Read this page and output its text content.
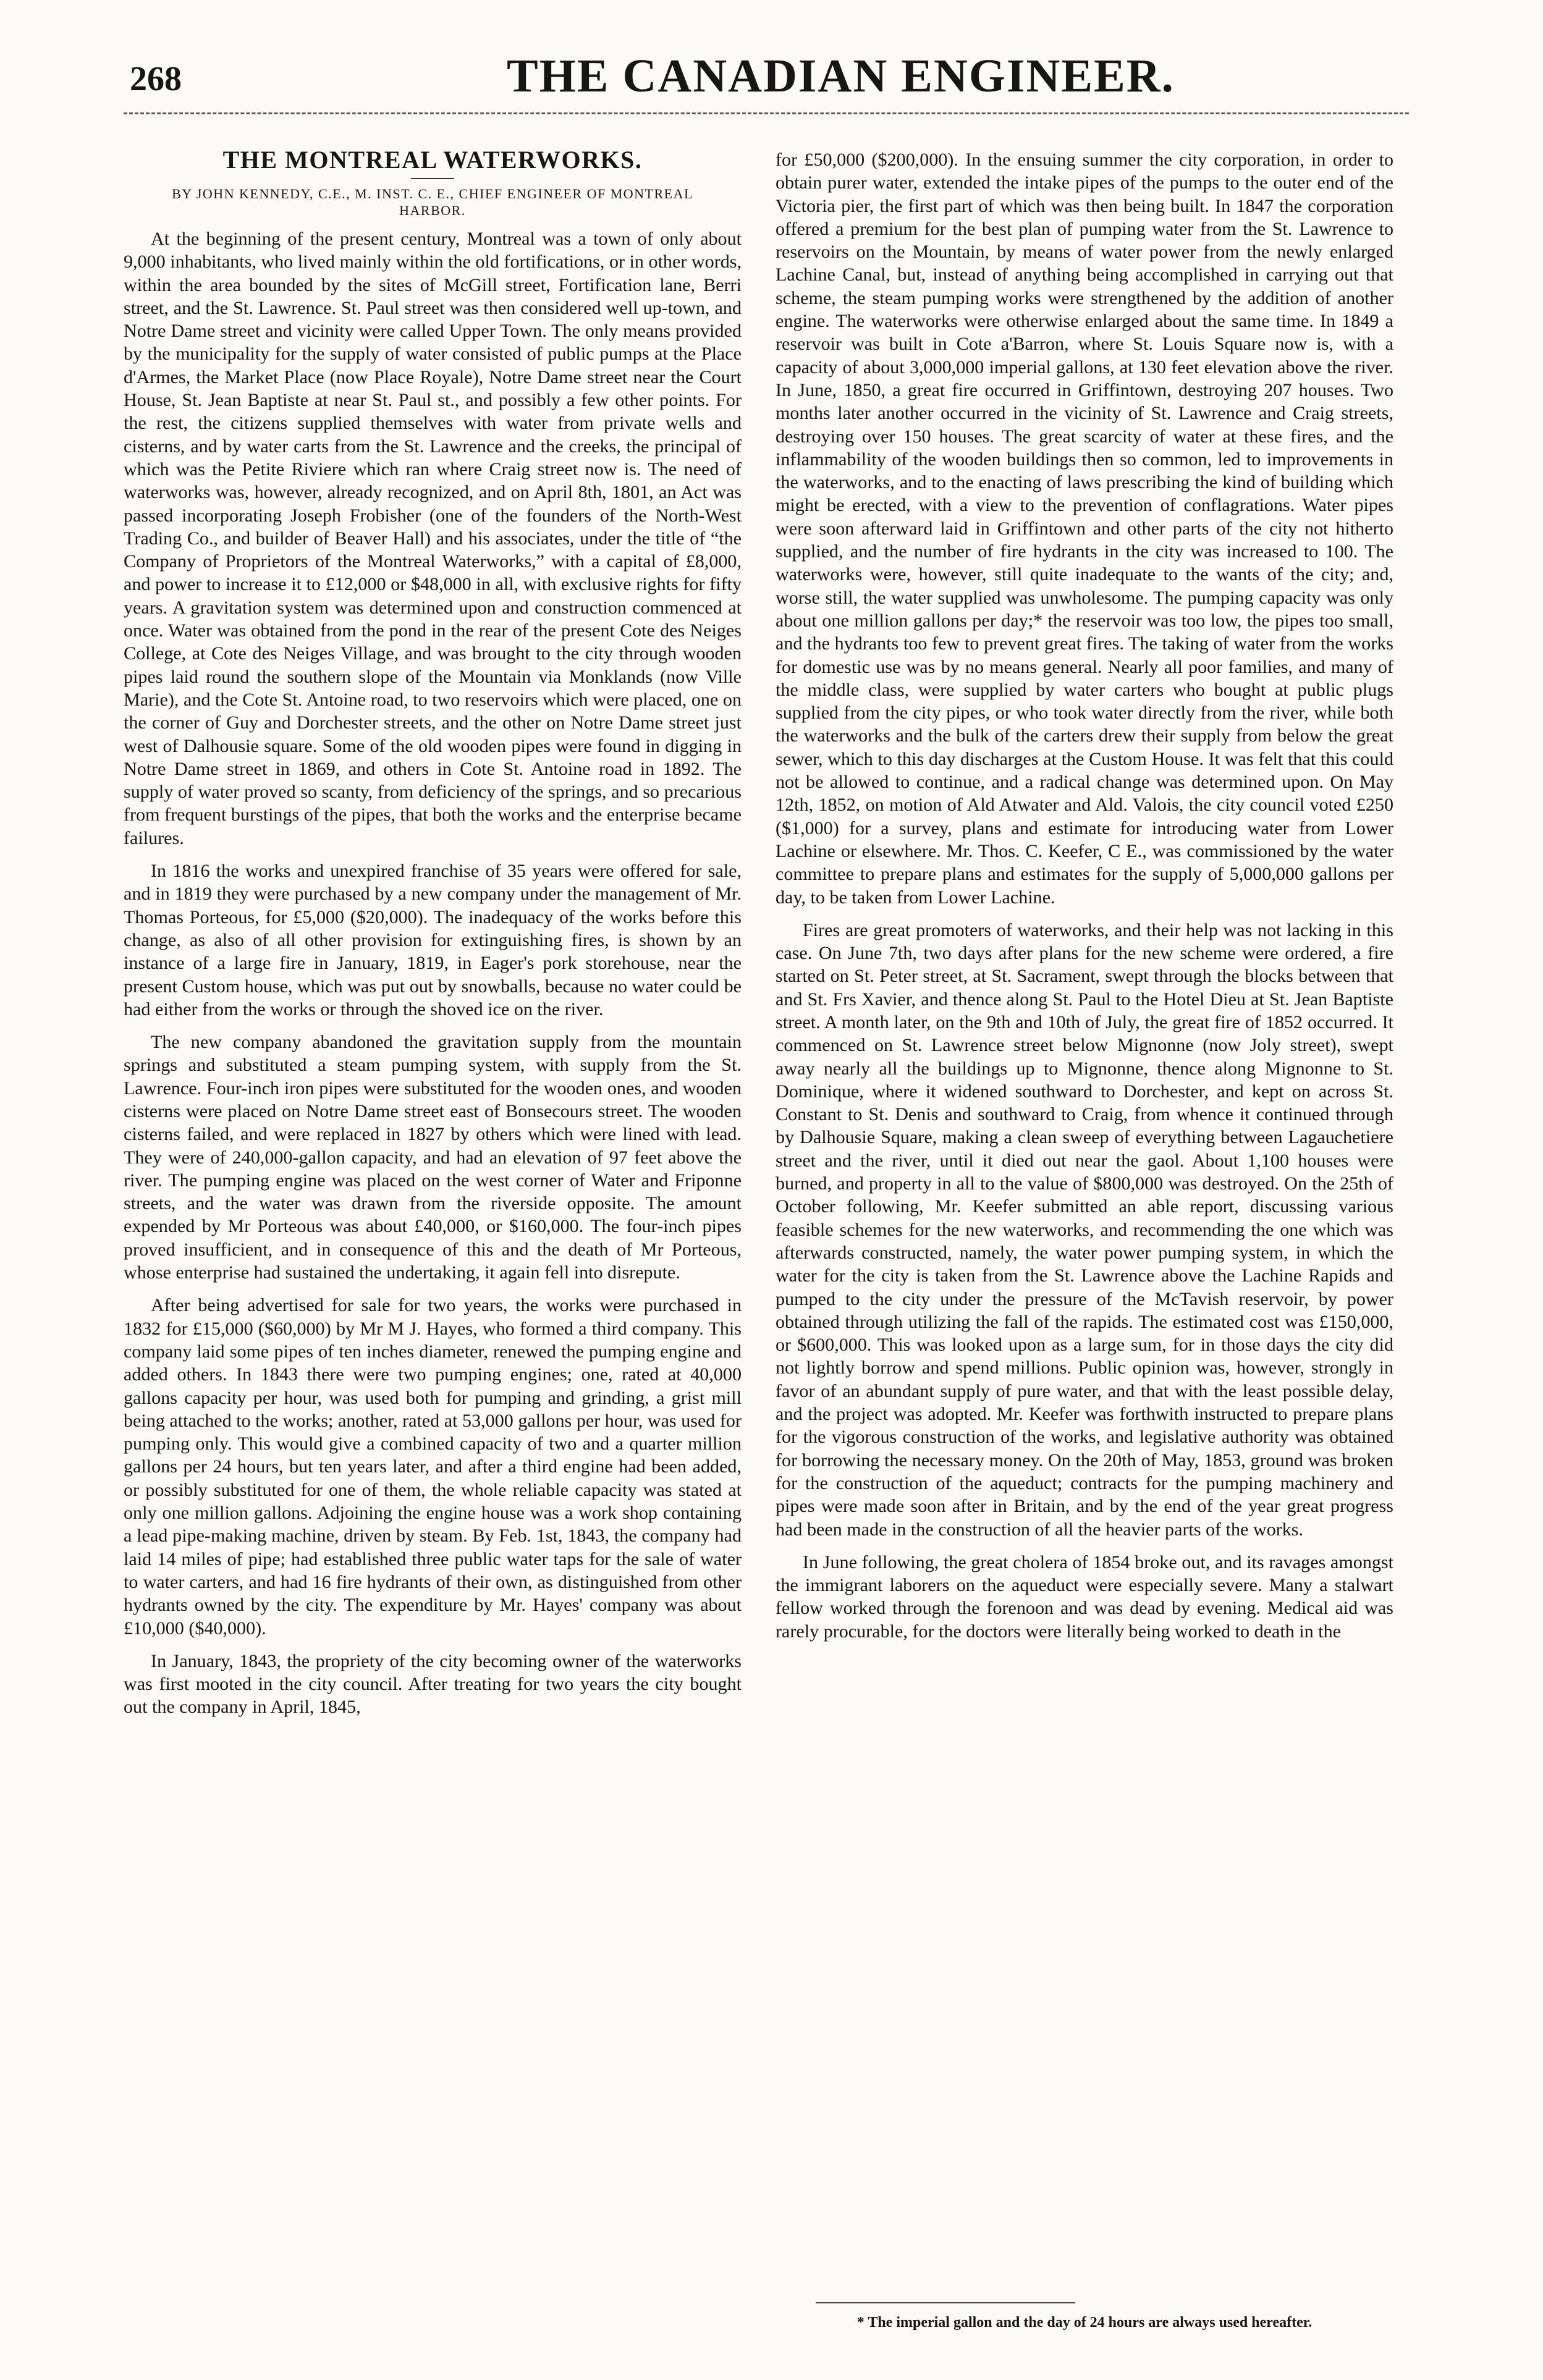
268	THE CANADIAN ENGINEER.
THE MONTREAL WATERWORKS.
BY JOHN KENNEDY, C.E., M. INST. C. E., CHIEF ENGINEER OF MONTREAL HARBOR.

At the beginning of the present century, Montreal was a town of only about 9,000 inhabitants, who lived mainly within the old fortifications, or in other words, within the area bounded by the sites of McGill street, Fortification lane, Berri street, and the St. Lawrence. St. Paul street was then considered well up-town, and Notre Dame street and vicinity were called Upper Town. The only means provided by the municipality for the supply of water consisted of public pumps at the Place d'Armes, the Market Place (now Place Royale), Notre Dame street near the Court House, St. Jean Baptiste at near St. Paul st., and possibly a few other points. For the rest, the citizens supplied themselves with water from private wells and cisterns, and by water carts from the St. Lawrence and the creeks, the principal of which was the Petite Riviere which ran where Craig street now is. The need of waterworks was, however, already recognized, and on April 8th, 1801, an Act was passed incorporating Joseph Frobisher (one of the founders of the North-West Trading Co., and builder of Beaver Hall) and his associates, under the title of “the Company of Proprietors of the Montreal Waterworks,” with a capital of £8,000, and power to increase it to £12,000 or $48,000 in all, with exclusive rights for fifty years. A gravitation system was determined upon and construction commenced at once. Water was obtained from the pond in the rear of the present Cote des Neiges College, at Cote des Neiges Village, and was brought to the city through wooden pipes laid round the southern slope of the Mountain via Monklands (now Ville Marie), and the Cote St. Antoine road, to two reservoirs which were placed, one on the corner of Guy and Dorchester streets, and the other on Notre Dame street just west of Dalhousie square. Some of the old wooden pipes were found in digging in Notre Dame street in 1869, and others in Cote St. Antoine road in 1892. The supply of water proved so scanty, from deficiency of the springs, and so precarious from frequent burstings of the pipes, that both the works and the enterprise became failures.

In 1816 the works and unexpired franchise of 35 years were offered for sale, and in 1819 they were purchased by a new company under the management of Mr. Thomas Porteous, for £5,000 ($20,000). The inadequacy of the works before this change, as also of all other provision for extinguishing fires, is shown by an instance of a large fire in January, 1819, in Eager's pork storehouse, near the present Custom house, which was put out by snowballs, because no water could be had either from the works or through the shoved ice on the river.

The new company abandoned the gravitation supply from the mountain springs and substituted a steam pumping system, with supply from the St. Lawrence. Four-inch iron pipes were substituted for the wooden ones, and wooden cisterns were placed on Notre Dame street east of Bonsecours street. The wooden cisterns failed, and were replaced in 1827 by others which were lined with lead. They were of 240,000-gallon capacity, and had an elevation of 97 feet above the river. The pumping engine was placed on the west corner of Water and Friponne streets, and the water was drawn from the riverside opposite. The amount expended by Mr Porteous was about £40,000, or $160,000. The four-inch pipes proved insufficient, and in consequence of this and the death of Mr Porteous, whose enterprise had sustained the undertaking, it again fell into disrepute.

After being advertised for sale for two years, the works were purchased in 1832 for £15,000 ($60,000) by Mr M J. Hayes, who formed a third company. This company laid some pipes of ten inches diameter, renewed the pumping engine and added others. In 1843 there were two pumping engines; one, rated at 40,000 gallons capacity per hour, was used both for pumping and grinding, a grist mill being attached to the works; another, rated at 53,000 gallons per hour, was used for pumping only. This would give a combined capacity of two and a quarter million gallons per 24 hours, but ten years later, and after a third engine had been added, or possibly substituted for one of them, the whole reliable capacity was stated at only one million gallons. Adjoining the engine house was a work shop containing a lead pipe-making machine, driven by steam. By Feb. 1st, 1843, the company had laid 14 miles of pipe; had established three public water taps for the sale of water to water carters, and had 16 fire hydrants of their own, as distinguished from other hydrants owned by the city. The expenditure by Mr. Hayes' company was about £10,000 ($40,000).

In January, 1843, the propriety of the city becoming owner of the waterworks was first mooted in the city council. After treating for two years the city bought out the company in April, 1845,

for £50,000 ($200,000). In the ensuing summer the city corporation, in order to obtain purer water, extended the intake pipes of the pumps to the outer end of the Victoria pier, the first part of which was then being built. In 1847 the corporation offered a premium for the best plan of pumping water from the St. Lawrence to reservoirs on the Mountain, by means of water power from the newly enlarged Lachine Canal, but, instead of anything being accomplished in carrying out that scheme, the steam pumping works were strengthened by the addition of another engine. The waterworks were otherwise enlarged about the same time. In 1849 a reservoir was built in Cote a'Barron, where St. Louis Square now is, with a capacity of about 3,000,000 imperial gallons, at 130 feet elevation above the river. In June, 1850, a great fire occurred in Griffintown, destroying 207 houses. Two months later another occurred in the vicinity of St. Lawrence and Craig streets, destroying over 150 houses. The great scarcity of water at these fires, and the inflammability of the wooden buildings then so common, led to improvements in the waterworks, and to the enacting of laws prescribing the kind of building which might be erected, with a view to the prevention of conflagrations. Water pipes were soon afterward laid in Griffintown and other parts of the city not hitherto supplied, and the number of fire hydrants in the city was increased to 100. The waterworks were, however, still quite inadequate to the wants of the city; and, worse still, the water supplied was unwholesome. The pumping capacity was only about one million gallons per day;* the reservoir was too low, the pipes too small, and the hydrants too few to prevent great fires. The taking of water from the works for domestic use was by no means general. Nearly all poor families, and many of the middle class, were supplied by water carters who bought at public plugs supplied from the city pipes, or who took water directly from the river, while both the waterworks and the bulk of the carters drew their supply from below the great sewer, which to this day discharges at the Custom House. It was felt that this could not be allowed to continue, and a radical change was determined upon. On May 12th, 1852, on motion of Ald Atwater and Ald. Valois, the city council voted £250 ($1,000) for a survey, plans and estimate for introducing water from Lower Lachine or elsewhere. Mr. Thos. C. Keefer, C E., was commissioned by the water committee to prepare plans and estimates for the supply of 5,000,000 gallons per day, to be taken from Lower Lachine.

Fires are great promoters of waterworks, and their help was not lacking in this case. On June 7th, two days after plans for the new scheme were ordered, a fire started on St. Peter street, at St. Sacrament, swept through the blocks between that and St. Frs Xavier, and thence along St. Paul to the Hotel Dieu at St. Jean Baptiste street. A month later, on the 9th and 10th of July, the great fire of 1852 occurred. It commenced on St. Lawrence street below Mignonne (now Joly street), swept away nearly all the buildings up to Mignonne, thence along Mignonne to St. Dominique, where it widened southward to Dorchester, and kept on across St. Constant to St. Denis and southward to Craig, from whence it continued through by Dalhousie Square, making a clean sweep of everything between Lagauchetiere street and the river, until it died out near the gaol. About 1,100 houses were burned, and property in all to the value of $800,000 was destroyed. On the 25th of October following, Mr. Keefer submitted an able report, discussing various feasible schemes for the new waterworks, and recommending the one which was afterwards constructed, namely, the water power pumping system, in which the water for the city is taken from the St. Lawrence above the Lachine Rapids and pumped to the city under the pressure of the McTavish reservoir, by power obtained through utilizing the fall of the rapids. The estimated cost was £150,000, or $600,000. This was looked upon as a large sum, for in those days the city did not lightly borrow and spend millions. Public opinion was, however, strongly in favor of an abundant supply of pure water, and that with the least possible delay, and the project was adopted. Mr. Keefer was forthwith instructed to prepare plans for the vigorous construction of the works, and legislative authority was obtained for borrowing the necessary money. On the 20th of May, 1853, ground was broken for the construction of the aqueduct; contracts for the pumping machinery and pipes were made soon after in Britain, and by the end of the year great progress had been made in the construction of all the heavier parts of the works.

In June following, the great cholera of 1854 broke out, and its ravages amongst the immigrant laborers on the aqueduct were especially severe. Many a stalwart fellow worked through the forenoon and was dead by evening. Medical aid was rarely procurable, for the doctors were literally being worked to death in the

* The imperial gallon and the day of 24 hours are always used hereafter.
